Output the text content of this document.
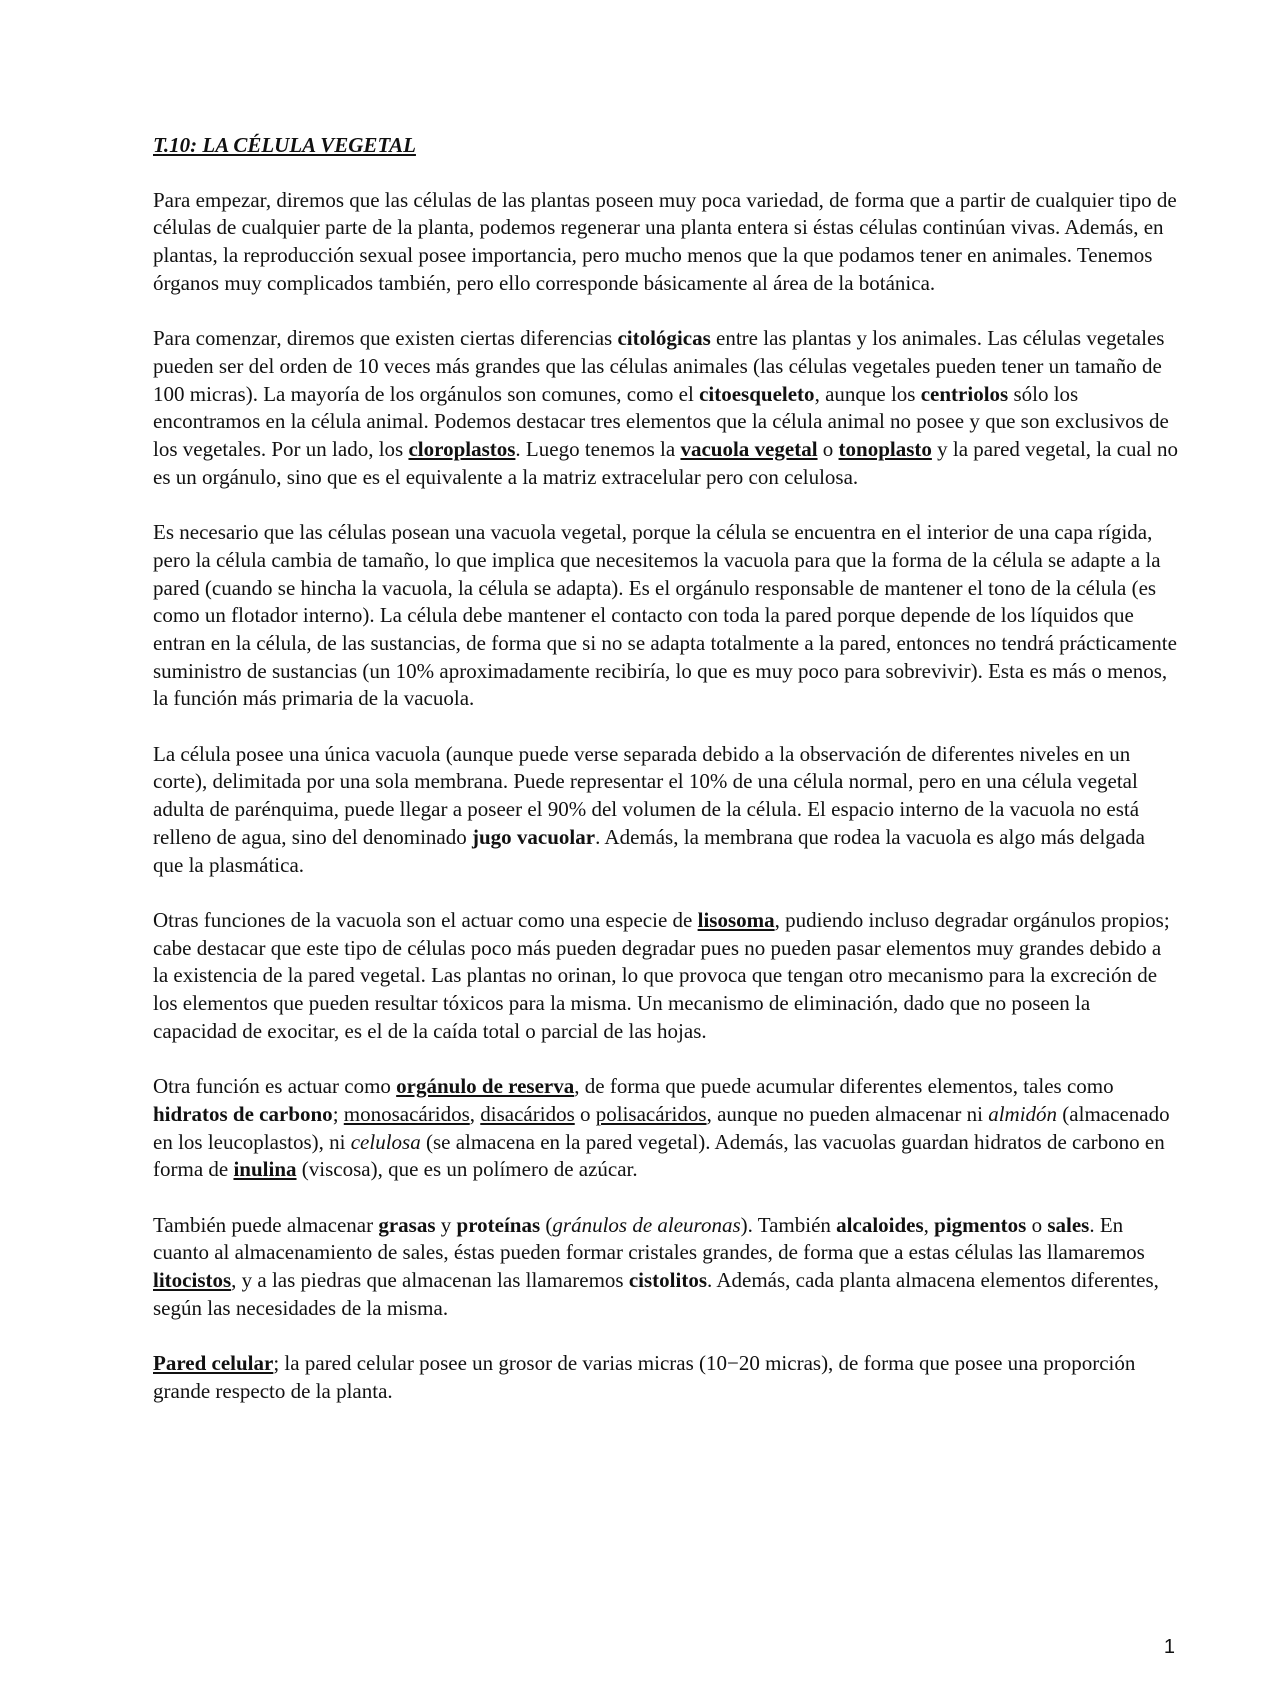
T.10: LA CÉLULA VEGETAL

Para empezar, diremos que las células de las plantas poseen muy poca variedad, de forma que a partir de cualquier tipo de células de cualquier parte de la planta, podemos regenerar una planta entera si éstas células continúan vivas. Además, en plantas, la reproducción sexual posee importancia, pero mucho menos que la que podamos tener en animales. Tenemos órganos muy complicados también, pero ello corresponde básicamente al área de la botánica.

Para comenzar, diremos que existen ciertas diferencias citológicas entre las plantas y los animales. Las células vegetales pueden ser del orden de 10 veces más grandes que las células animales (las células vegetales pueden tener un tamaño de 100 micras). La mayoría de los orgánulos son comunes, como el citoesqueleto, aunque los centriolos sólo los encontramos en la célula animal. Podemos destacar tres elementos que la célula animal no posee y que son exclusivos de los vegetales. Por un lado, los cloroplastos. Luego tenemos la vacuola vegetal o tonoplasto y la pared vegetal, la cual no es un orgánulo, sino que es el equivalente a la matriz extracelular pero con celulosa.

Es necesario que las células posean una vacuola vegetal, porque la célula se encuentra en el interior de una capa rígida, pero la célula cambia de tamaño, lo que implica que necesitemos la vacuola para que la forma de la célula se adapte a la pared (cuando se hincha la vacuola, la célula se adapta). Es el orgánulo responsable de mantener el tono de la célula (es como un flotador interno). La célula debe mantener el contacto con toda la pared porque depende de los líquidos que entran en la célula, de las sustancias, de forma que si no se adapta totalmente a la pared, entonces no tendrá prácticamente suministro de sustancias (un 10% aproximadamente recibiría, lo que es muy poco para sobrevivir). Esta es más o menos, la función más primaria de la vacuola.

La célula posee una única vacuola (aunque puede verse separada debido a la observación de diferentes niveles en un corte), delimitada por una sola membrana. Puede representar el 10% de una célula normal, pero en una célula vegetal adulta de parénquima, puede llegar a poseer el 90% del volumen de la célula. El espacio interno de la vacuola no está relleno de agua, sino del denominado jugo vacuolar. Además, la membrana que rodea la vacuola es algo más delgada que la plasmática.

Otras funciones de la vacuola son el actuar como una especie de lisosoma, pudiendo incluso degradar orgánulos propios; cabe destacar que este tipo de células poco más pueden degradar pues no pueden pasar elementos muy grandes debido a la existencia de la pared vegetal. Las plantas no orinan, lo que provoca que tengan otro mecanismo para la excreción de los elementos que pueden resultar tóxicos para la misma. Un mecanismo de eliminación, dado que no poseen la capacidad de exocitar, es el de la caída total o parcial de las hojas.

Otra función es actuar como orgánulo de reserva, de forma que puede acumular diferentes elementos, tales como hidratos de carbono; monosacáridos, disacáridos o polisacáridos, aunque no pueden almacenar ni almidón (almacenado en los leucoplastos), ni celulosa (se almacena en la pared vegetal). Además, las vacuolas guardan hidratos de carbono en forma de inulina (viscosa), que es un polímero de azúcar.

También puede almacenar grasas y proteínas (gránulos de aleuronas). También alcaloides, pigmentos o sales. En cuanto al almacenamiento de sales, éstas pueden formar cristales grandes, de forma que a estas células las llamaremos litocistos, y a las piedras que almacenan las llamaremos cistolitos. Además, cada planta almacena elementos diferentes, según las necesidades de la misma.

Pared celular; la pared celular posee un grosor de varias micras (10−20 micras), de forma que posee una proporción grande respecto de la planta.

1
